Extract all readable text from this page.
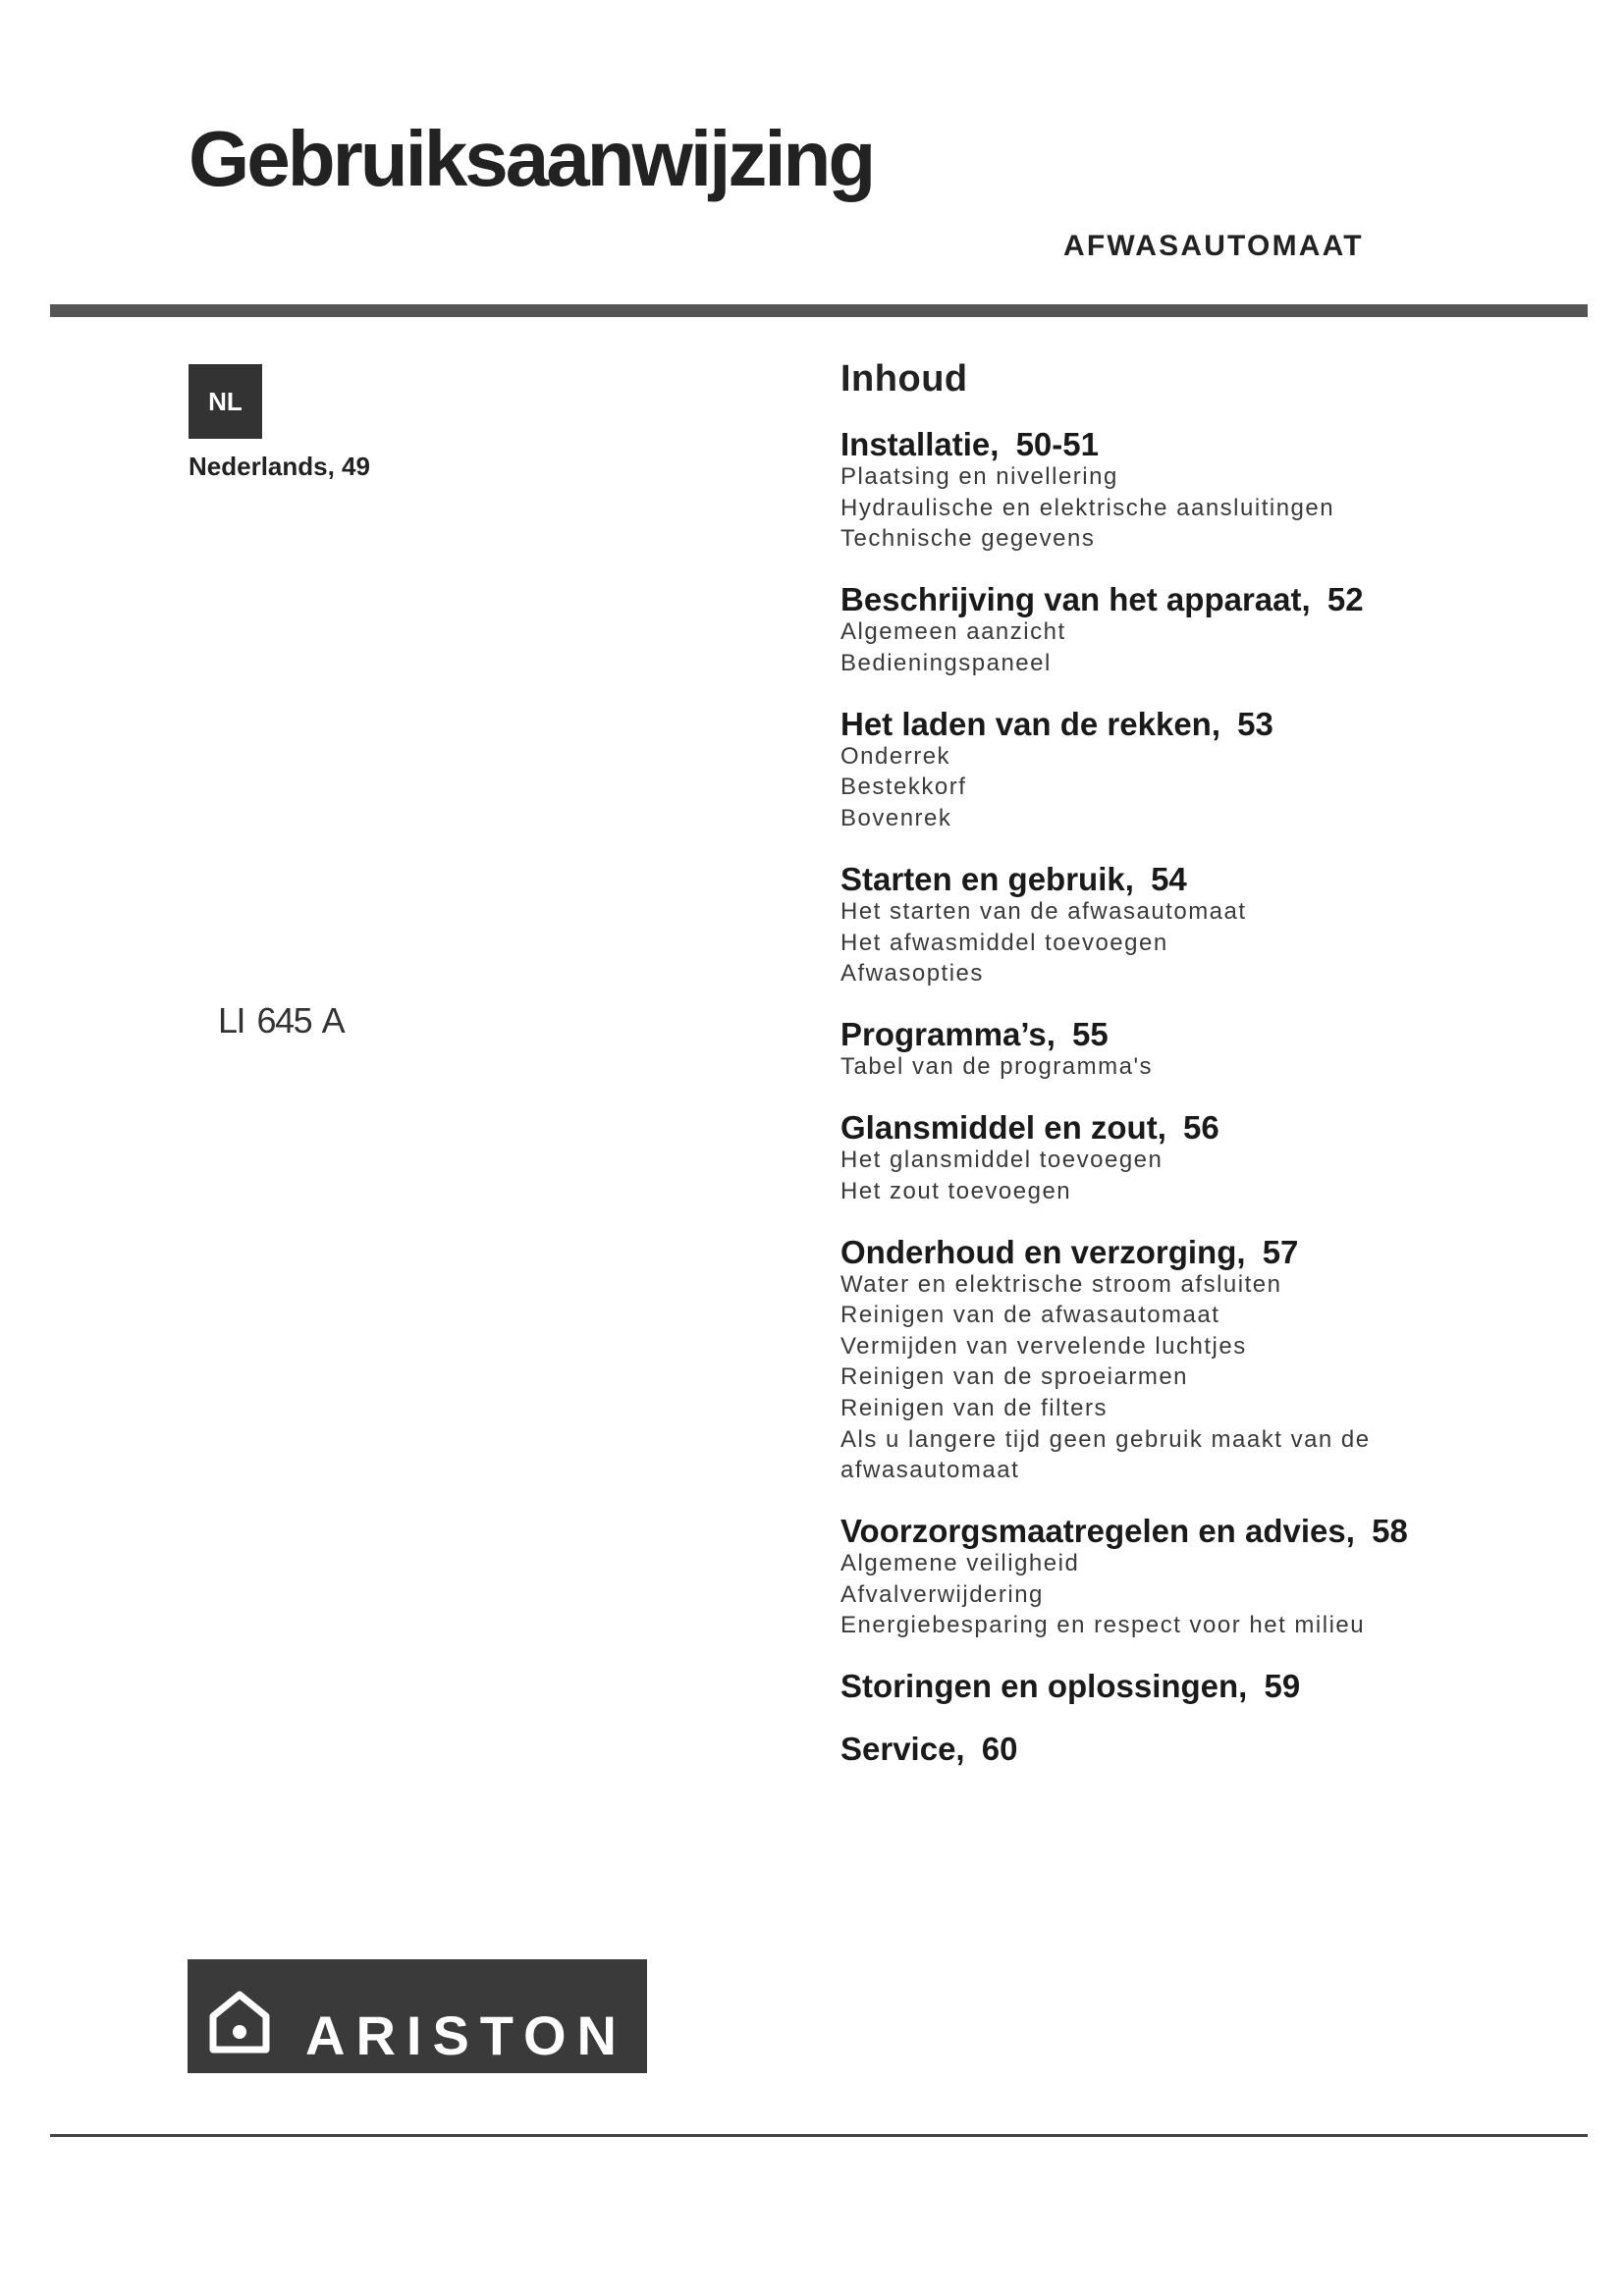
Gebruiksaanwijzing
AFWASAUTOMAAT
NL
Nederlands, 49
LI 645 A
Inhoud
Installatie, 50-51
Plaatsing en nivellering
Hydraulische en elektrische aansluitingen
Technische gegevens
Beschrijving van het apparaat, 52
Algemeen aanzicht
Bedieningspaneel
Het laden van de rekken, 53
Onderrek
Bestekkorf
Bovenrek
Starten en gebruik, 54
Het starten van de afwasautomaat
Het afwasmiddel toevoegen
Afwasopties
Programma’s, 55
Tabel van de programma's
Glansmiddel en zout, 56
Het glansmiddel toevoegen
Het zout toevoegen
Onderhoud en verzorging, 57
Water en elektrische stroom afsluiten
Reinigen van de afwasautomaat
Vermijden van vervelende luchtjes
Reinigen van de sproeiarmen
Reinigen van de filters
Als u langere tijd geen gebruik maakt van de afwasautomaat
Voorzorgsmaatregelen en advies, 58
Algemene veiligheid
Afvalverwijdering
Energiebesparing en respect voor het milieu
Storingen en oplossingen, 59
Service, 60
ARISTON
